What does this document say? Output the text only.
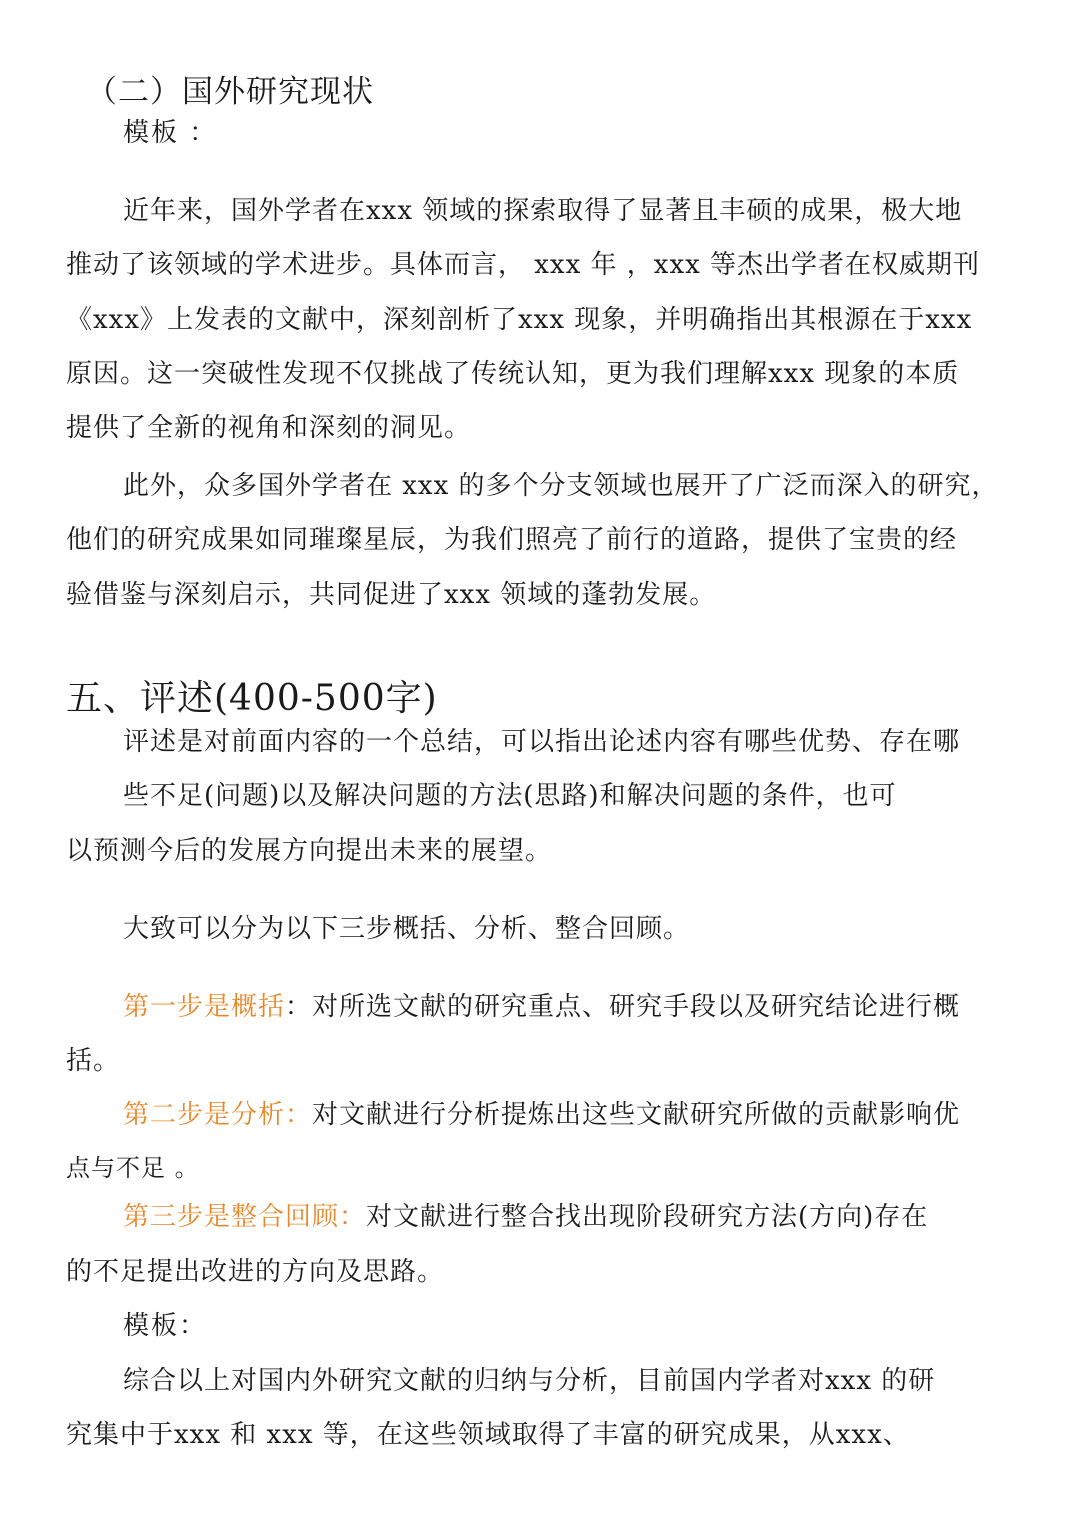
（二）国外研究现状
模板 ：
近年来，国外学者在xxx 领域的探索取得了显著且丰硕的成果，极大地
推动了该领域的学术进步。具体而言， xxx 年 ，xxx 等杰出学者在权威期刊
《xxx》上发表的文献中，深刻剖析了xxx 现象，并明确指出其根源在于xxx
原因。这一突破性发现不仅挑战了传统认知，更为我们理解xxx 现象的本质
提供了全新的视角和深刻的洞见。
此外，众多国外学者在 xxx 的多个分支领域也展开了广泛而深入的研究，
他们的研究成果如同璀璨星辰，为我们照亮了前行的道路，提供了宝贵的经
验借鉴与深刻启示，共同促进了xxx 领域的蓬勃发展。
五、评述(400-500字)
评述是对前面内容的一个总结，可以指出论述内容有哪些优势、存在哪
些不足(问题)以及解决问题的方法(思路)和解决问题的条件，也可
以预测今后的发展方向提出未来的展望。
大致可以分为以下三步概括、分析、整合回顾。
第一步是概括：对所选文献的研究重点、研究手段以及研究结论进行概
括。
第二步是分析：对文献进行分析提炼出这些文献研究所做的贡献影响优
点与不足 。
第三步是整合回顾：对文献进行整合找出现阶段研究方法(方向)存在
的不足提出改进的方向及思路。
模板：
综合以上对国内外研究文献的归纳与分析，目前国内学者对xxx 的研
究集中于xxx 和 xxx 等，在这些领域取得了丰富的研究成果，从xxx、
